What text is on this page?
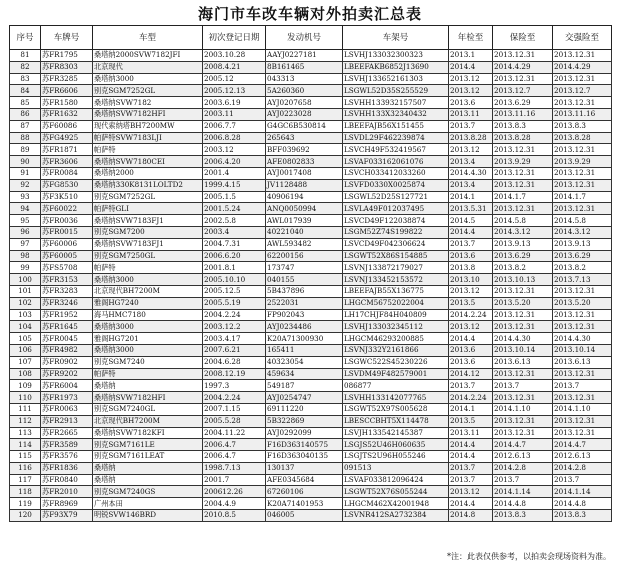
海门市车改车辆对外拍卖汇总表
序号	车牌号	车型	初次登记日期	发动机号	车架号	年检至	保险至	交强险至
81	苏FR1795	桑塔纳2000SVW7182JFI	2003.10.28	AAYJ0227181	LSVHJ133032300323	2013.1	2013.12.31	2013.12.31
82	苏FR8303	北京现代	2008.4.21	8B161465	LBEEFAKB6852J13690	2014.4	2014.4.29	2014.4.29
83	苏FR3285	桑塔纳3000	2005.12	043313	LSVHJ133652161303	2013.12	2013.12.31	2013.12.31
84	苏FR6606	别克SGM7252GL	2005.12.13	5A260360	LSGWL52D35S255529	2013.12	2013.12.7	2013.12.7
85	苏FR1580	桑塔纳SVW7182	2003.6.19	AYJ0207658	LSVHH133932157507	2013.6	2013.6.29	2013.12.31
86	苏FR1632	桑塔纳SVW7182HFI	2003.11	AYJ0223028	LSVHH133X32340432	2013.11	2013.11.16	2013.11.16
87	苏F60086	现代索纳塔BH7200MW	2006.7.7	G4GC6B530814	LBEEFAJB56X151455	2013.7	2013.8.3	2013.8.3
88	苏FG4925	帕萨特SVW7183LJI	2006.8.28	265643	LSVDL29F462239874	2013.8.28	2013.8.28	2013.8.28
89	苏FR1871	帕萨特	2003.12	BFF039692	LSVCH49F532419567	2013.12	2013.12.31	2013.12.31
90	苏FR3606	桑塔纳SVW7180CEI	2006.4.20	AFE0802833	LSVAF033162061076	2013.4	2013.9.29	2013.9.29
91	苏FR0084	桑塔纳2000	2001.4	AYJ0017408	LSVCH033412033260	2014.4.30	2013.12.31	2013.12.31
92	苏FG8530	桑塔纳330K8131LOLTD2	1999.4.15	JV1128488	LSVFD0330X0025874	2013.4	2013.12.31	2013.12.31
93	苏F3K510	别克SGM7252GL	2005.1.5	40906194	LSGWL52D25S127721	2014.1	2014.1.7	2014.1.7
94	苏F60022	帕萨特GLI	2001.5.24	ANQ0050994	LSVLA49F012037495	2013.5.31	2013.12.31	2013.12.31
95	苏FR0036	桑塔纳SVW7183FJ1	2002.5.8	AWL017939	LSVCD49F122038874	2014.5	2014.5.8	2014.5.8
96	苏FR0015	别克SGM7200	2003.4	40221040	LSGM52Z74S199822	2014.4	2014.3.12	2014.3.12
97	苏F60006	桑塔纳SVW7183FJ1	2004.7.31	AWL593482	LSVCD49F042306624	2013.7	2013.9.13	2013.9.13
98	苏F60005	别克SGM7250GL	2006.6.20	62200156	LSGWT52X86S154885	2013.6	2013.6.29	2013.6.29
99	苏FS5708	帕萨特	2001.8.1	173747	LSVNJ133872179027	2013.8	2013.8.2	2013.8.2
100	苏FR3153	桑塔纳3000	2005.10.10	040155	LSVNJ133452153572	2013.10	2013.10.13	2013.7.13
101	苏FR3283	北京现代BH7200M	2005.12.5	5B437896	LBEEFAJB55X136775	2013.12	2013.12.31	2013.12.31
102	苏FR3246	雅阁HG7240	2005.5.19	2522031	LHGCM56752022004	2013.5	2013.5.20	2013.5.20
103	苏FR1952	海马HMC7180	2004.2.24	FP902043	LH17CHJF84H040809	2014.2.24	2013.12.31	2013.12.31
104	苏FR1645	桑塔纳3000	2003.12.2	AYJ0234486	LSVHJ133032345112	2013.12	2013.12.31	2013.12.31
105	苏FR0045	雅阁HG7201	2003.4.17	K20A71300930	LHGCM46293200885	2014.4	2014.4.30	2014.4.30
106	苏FR4982	桑塔纳3000	2007.6.21	165411	LSVNJ332Y2161866	2013.6	2013.10.14	2013.10.14
107	苏FR0902	别克SGM7240	2004.6.28	40323054	LSGWC522S45230226	2013.6	2013.6.13	2013.6.13
108	苏FR9202	帕萨特	2008.12.19	459634	LSVDM49F482579001	2014.12	2013.12.31	2013.12.31
109	苏FR6004	桑塔纳	1997.3	549187	086877	2013.7	2013.7	2013.7
110	苏FR1973	桑塔纳SVW7182HFI	2004.2.24	AYJ0254747	LSVHH133142077765	2014.2.24	2013.12.31	2013.12.31
111	苏FR0063	别克SGM7240GL	2007.1.15	69111220	LSGWT52X97S005628	2014.1	2014.1.10	2014.1.10
112	苏FR2913	北京现代BH7200M	2005.5.28	5B322869	LBESCCBHT5X114478	2013.5	2013.12.31	2013.12.31
113	苏FR2665	桑塔纳SVW7182KFI	2004.11.22	AYJ0292099	LSVJH133542145387	2013.11	2013.12.31	2013.12.31
114	苏FR3589	别克SGM7161LE	2006.4.7	F16D363140575	LSGJS52U46H060635	2014.4	2014.4.7	2014.4.7
115	苏FR3576	别克SGM7161LEAT	2006.4.7	F16D363040135	LSGJTS2U96H055246	2014.4	2012.6.13	2012.6.13
116	苏FR1836	桑塔纳	1998.7.13	130137	091513	2013.7	2014.2.8	2014.2.8
117	苏FR0840	桑塔纳	2001.7	AFE0345684	LSVAF033812096424	2013.7	2013.7	2013.7
118	苏FR2010	别克SGM7240GS	200612.26	67260106	LSGWT52X76S055244	2013.12	2014.1.14	2014.1.14
119	苏FR8969	广州本田	2004.4.9	K20A71401953	LHGCM462X42001948	2014.4	2014.4.8	2014.4.8
120	苏F93X79	明锐SVW146BRD	2010.8.5	046005	LSVNR412SA2732384	2014.8	2013.8.3	2013.8.3
*注：此表仅供参考，以拍卖会现场资料为准。
